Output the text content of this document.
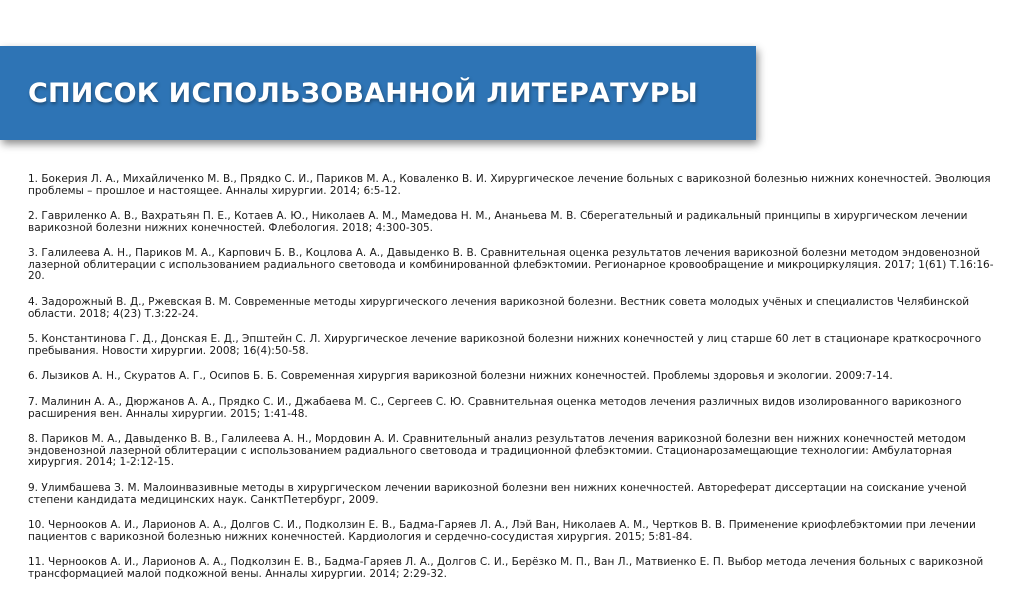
СПИСОК ИСПОЛЬЗОВАННОЙ ЛИТЕРАТУРЫ
1. Бокерия Л. А., Михайличенко М. В., Прядко С. И., Париков М. А., Коваленко В. И. Хирургическое лечение больных с варикозной болезнью нижних конечностей. Эволюция проблемы – прошлое и настоящее. Анналы хирургии. 2014; 6:5-12.
2. Гавриленко А. В., Вахратьян П. Е., Котаев А. Ю., Николаев А. М., Мамедова Н. М., Ананьева М. В. Сберегательный и радикальный принципы в хирургическом лечении варикозной болезни нижних конечностей. Флебология. 2018; 4:300-305.
3. Галилеева А. Н., Париков М. А., Карпович Б. В., Коцлова А. А., Давыденко В. В. Сравнительная оценка результатов лечения варикозной болезни методом эндовенозной лазерной облитерации с использованием радиального световода и комбинированной флебэктомии. Регионарное кровообращение и микроциркуляция. 2017; 1(61) Т.16:16-20.
4. Задорожный В. Д., Ржевская В. М. Современные методы хирургического лечения варикозной болезни. Вестник совета молодых учёных и специалистов Челябинской области. 2018; 4(23) Т.3:22-24.
5. Константинова Г. Д., Донская Е. Д., Эпштейн С. Л. Хирургическое лечение варикозной болезни нижних конечностей у лиц старше 60 лет в стационаре краткосрочного пребывания. Новости хирургии. 2008; 16(4):50-58.
6. Лызиков А. Н., Скуратов А. Г., Осипов Б. Б. Современная хирургия варикозной болезни нижних конечностей. Проблемы здоровья и экологии. 2009:7-14.
7. Малинин А. А., Дюржанов А. А., Прядко С. И., Джабаева М. С., Сергеев С. Ю. Сравнительная оценка методов лечения различных видов изолированного варикозного расширения вен. Анналы хирургии. 2015; 1:41-48.
8. Париков М. А., Давыденко В. В., Галилеева А. Н., Мордовин А. И. Сравнительный анализ результатов лечения варикозной болезни вен нижних конечностей методом эндовенозной лазерной облитерации с использованием радиального световода и традиционной флебэктомии. Стационарозамещающие технологии: Амбулаторная хирургия. 2014; 1-2:12-15.
9. Улимбашева З. М. Малоинвазивные методы в хирургическом лечении варикозной болезни вен нижних конечностей. Автореферат диссертации на соискание ученой степени кандидата медицинских наук. СанктПетербург, 2009.
10. Чернооков А. И., Ларионов А. А., Долгов С. И., Подколзин Е. В., Бадма-Гаряев Л. А., Лэй Ван, Николаев А. М., Чертков В. В. Применение криофлебэктомии при лечении пациентов с варикозной болезнью нижних конечностей. Кардиология и сердечно-сосудистая хирургия. 2015; 5:81-84.
11. Чернооков А. И., Ларионов А. А., Подколзин Е. В., Бадма-Гаряев Л. А., Долгов С. И., Берёзко М. П., Ван Л., Матвиенко Е. П. Выбор метода лечения больных с варикозной трансформацией малой подкожной вены. Анналы хирургии. 2014; 2:29-32.
